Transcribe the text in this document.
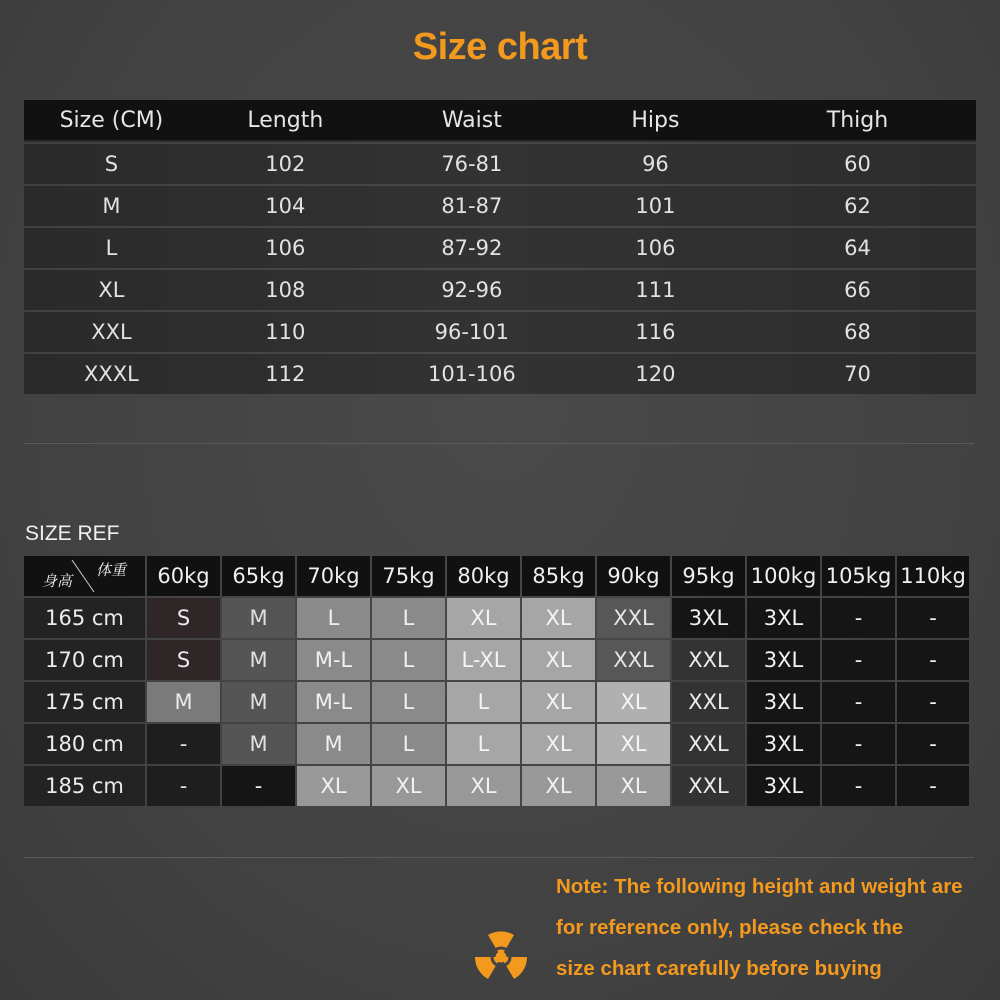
Size chart
Size (CM)	Length	Waist	Hips	Thigh
S	102	76-81	96	60
M	104	81-87	101	62
L	106	87-92	106	64
XL	108	92-96	111	66
XXL	110	96-101	116	68
XXXL	112	101-106	120	70
SIZE REF
身高
体重	60kg	65kg	70kg	75kg	80kg	85kg	90kg	95kg 100kg 105kg 110kg
165 cm	S	M	L	L	XL	XL	XXL	3XL	3XL	-	-
170 cm	S	M	M-L	L	L-XL	XL	XXL	XXL	3XL	-	-
175 cm	M	M	M-L	L	L	XL	XL	XXL	3XL	-	-
180 cm	-	M	M	L	L	XL	XL	XXL	3XL	-	-
185 cm	-	-	XL	XL	XL	XL	XL	XXL	3XL	-	-
Note: The following height and weight are
for reference only, please check the
size chart carefully before buying
